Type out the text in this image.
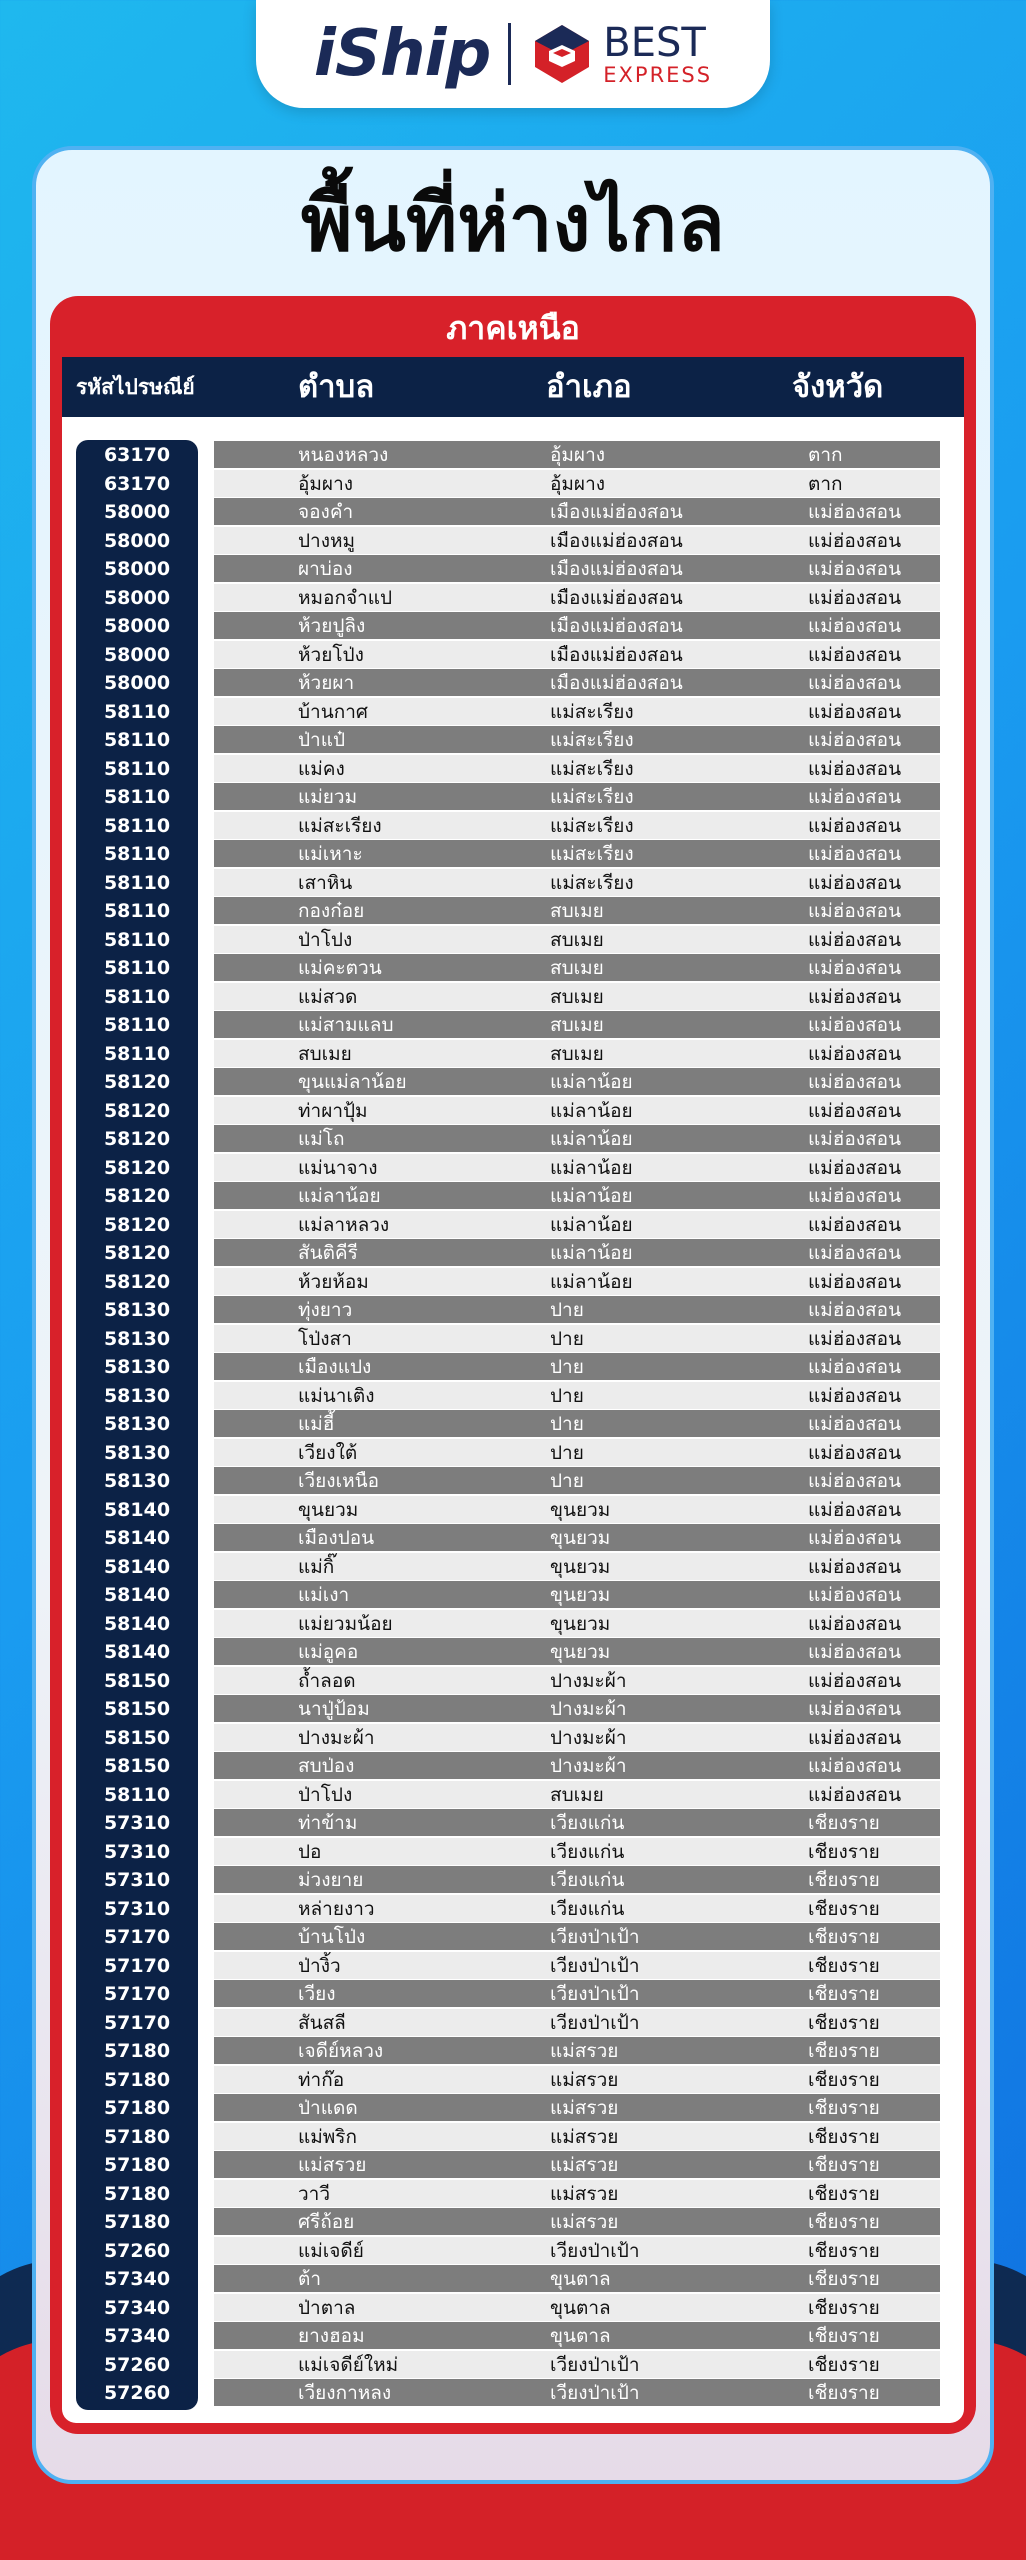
iShip	BEST
EXPRESS
พื้นที่ห่างไกล
ภาคเหนือ
รหัสไปรษณีย์	ตำบล	อำเภอ	จังหวัด
63170	หนองหลวง	อุ้มผาง	ตาก
63170	อุ้มผาง	อุ้มผาง	ตาก
58000	จองคำ	เมืองแม่ฮ่องสอน	แม่ฮ่องสอน
58000	ปางหมู	เมืองแม่ฮ่องสอน	แม่ฮ่องสอน
58000	ผาบ่อง	เมืองแม่ฮ่องสอน	แม่ฮ่องสอน
58000	หมอกจำแป	เมืองแม่ฮ่องสอน	แม่ฮ่องสอน
58000	ห้วยปูลิง	เมืองแม่ฮ่องสอน	แม่ฮ่องสอน
58000	ห้วยโป่ง	เมืองแม่ฮ่องสอน	แม่ฮ่องสอน
58000	ห้วยผา	เมืองแม่ฮ่องสอน	แม่ฮ่องสอน
58110	บ้านกาศ	แม่สะเรียง	แม่ฮ่องสอน
58110	ป่าแป๋	แม่สะเรียง	แม่ฮ่องสอน
58110	แม่คง	แม่สะเรียง	แม่ฮ่องสอน
58110	แม่ยวม	แม่สะเรียง	แม่ฮ่องสอน
58110	แม่สะเรียง	แม่สะเรียง	แม่ฮ่องสอน
58110	แม่เหาะ	แม่สะเรียง	แม่ฮ่องสอน
58110	เสาหิน	แม่สะเรียง	แม่ฮ่องสอน
58110	กองก๋อย	สบเมย	แม่ฮ่องสอน
58110	ป่าโปง	สบเมย	แม่ฮ่องสอน
58110	แม่คะตวน	สบเมย	แม่ฮ่องสอน
58110	แม่สวด	สบเมย	แม่ฮ่องสอน
58110	แม่สามแลบ	สบเมย	แม่ฮ่องสอน
58110	สบเมย	สบเมย	แม่ฮ่องสอน
58120	ขุนแม่ลาน้อย	แม่ลาน้อย	แม่ฮ่องสอน
58120	ท่าผาปุ้ม	แม่ลาน้อย	แม่ฮ่องสอน
58120	แม่โถ	แม่ลาน้อย	แม่ฮ่องสอน
58120	แม่นาจาง	แม่ลาน้อย	แม่ฮ่องสอน
58120	แม่ลาน้อย	แม่ลาน้อย	แม่ฮ่องสอน
58120	แม่ลาหลวง	แม่ลาน้อย	แม่ฮ่องสอน
58120	สันติคีรี	แม่ลาน้อย	แม่ฮ่องสอน
58120	ห้วยห้อม	แม่ลาน้อย	แม่ฮ่องสอน
58130	ทุ่งยาว	ปาย	แม่ฮ่องสอน
58130	โป่งสา	ปาย	แม่ฮ่องสอน
58130	เมืองแปง	ปาย	แม่ฮ่องสอน
58130	แม่นาเติง	ปาย	แม่ฮ่องสอน
58130	แม่ฮี้	ปาย	แม่ฮ่องสอน
58130	เวียงใต้	ปาย	แม่ฮ่องสอน
58130	เวียงเหนือ	ปาย	แม่ฮ่องสอน
58140	ขุนยวม	ขุนยวม	แม่ฮ่องสอน
58140	เมืองปอน	ขุนยวม	แม่ฮ่องสอน
58140	แม่กิ๊	ขุนยวม	แม่ฮ่องสอน
58140	แม่เงา	ขุนยวม	แม่ฮ่องสอน
58140	แม่ยวมน้อย	ขุนยวม	แม่ฮ่องสอน
58140	แม่อูคอ	ขุนยวม	แม่ฮ่องสอน
58150	ถ้ำลอด	ปางมะผ้า	แม่ฮ่องสอน
58150	นาปู่ป้อม	ปางมะผ้า	แม่ฮ่องสอน
58150	ปางมะผ้า	ปางมะผ้า	แม่ฮ่องสอน
58150	สบป่อง	ปางมะผ้า	แม่ฮ่องสอน
58110	ป่าโปง	สบเมย	แม่ฮ่องสอน
57310	ท่าข้าม	เวียงแก่น	เชียงราย
57310	ปอ	เวียงแก่น	เชียงราย
57310	ม่วงยาย	เวียงแก่น	เชียงราย
57310	หล่ายงาว	เวียงแก่น	เชียงราย
57170	บ้านโป่ง	เวียงป่าเป้า	เชียงราย
57170	ป่างิ้ว	เวียงป่าเป้า	เชียงราย
57170	เวียง	เวียงป่าเป้า	เชียงราย
57170	สันสลี	เวียงป่าเป้า	เชียงราย
57180	เจดีย์หลวง	แม่สรวย	เชียงราย
57180	ท่าก๊อ	แม่สรวย	เชียงราย
57180	ป่าแดด	แม่สรวย	เชียงราย
57180	แม่พริก	แม่สรวย	เชียงราย
57180	แม่สรวย	แม่สรวย	เชียงราย
57180	วาวี	แม่สรวย	เชียงราย
57180	ศรีถ้อย	แม่สรวย	เชียงราย
57260	แม่เจดีย์	เวียงป่าเป้า	เชียงราย
57340	ต้า	ขุนตาล	เชียงราย
57340	ป่าตาล	ขุนตาล	เชียงราย
57340	ยางฮอม	ขุนตาล	เชียงราย
57260	แม่เจดีย์ใหม่	เวียงป่าเป้า	เชียงราย
57260	เวียงกาหลง	เวียงป่าเป้า	เชียงราย
